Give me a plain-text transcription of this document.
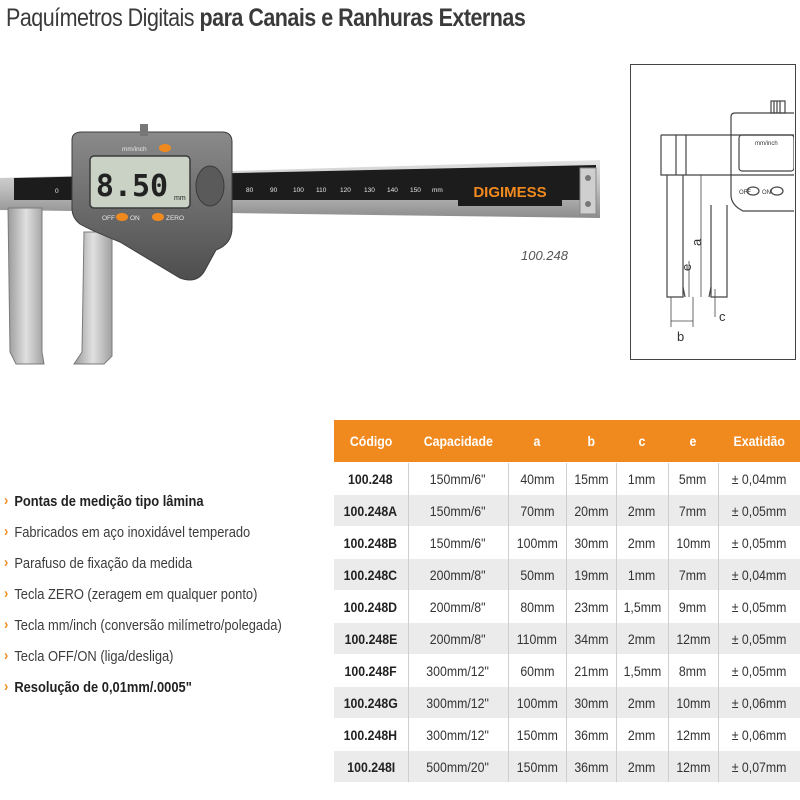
Paquímetros Digitais para Canais e Ranhuras Externas
0	80	90 100 110 120 130 140 150 mm DIGIMESS
8.50 mm
mm/inch
OFF ON	ZERO
100.248
mm/inch
OFF ON
a
e
b
c
› Pontas de medição tipo lâmina
› Fabricados em aço inoxidável temperado
› Parafuso de fixação da medida
› Tecla ZERO (zeragem em qualquer ponto)
› Tecla mm/inch (conversão milímetro/polegada)
› Tecla OFF/ON (liga/desliga)
› Resolução de 0,01mm/.0005"
Código	Capacidade	a	b	c	e	Exatidão
100.248	150mm/6"	40mm	15mm	1mm	5mm	± 0,04mm
100.248A	150mm/6"	70mm	20mm	2mm	7mm	± 0,05mm
100.248B	150mm/6"	100mm	30mm	2mm	10mm	± 0,05mm
100.248C	200mm/8"	50mm	19mm	1mm	7mm	± 0,04mm
100.248D	200mm/8"	80mm	23mm	1,5mm	9mm	± 0,05mm
100.248E	200mm/8"	110mm	34mm	2mm	12mm	± 0,05mm
100.248F	300mm/12"	60mm	21mm	1,5mm	8mm	± 0,05mm
100.248G	300mm/12"	100mm	30mm	2mm	10mm	± 0,06mm
100.248H	300mm/12"	150mm	36mm	2mm	12mm	± 0,06mm
100.248I	500mm/20"	150mm	36mm	2mm	12mm	± 0,07mm
